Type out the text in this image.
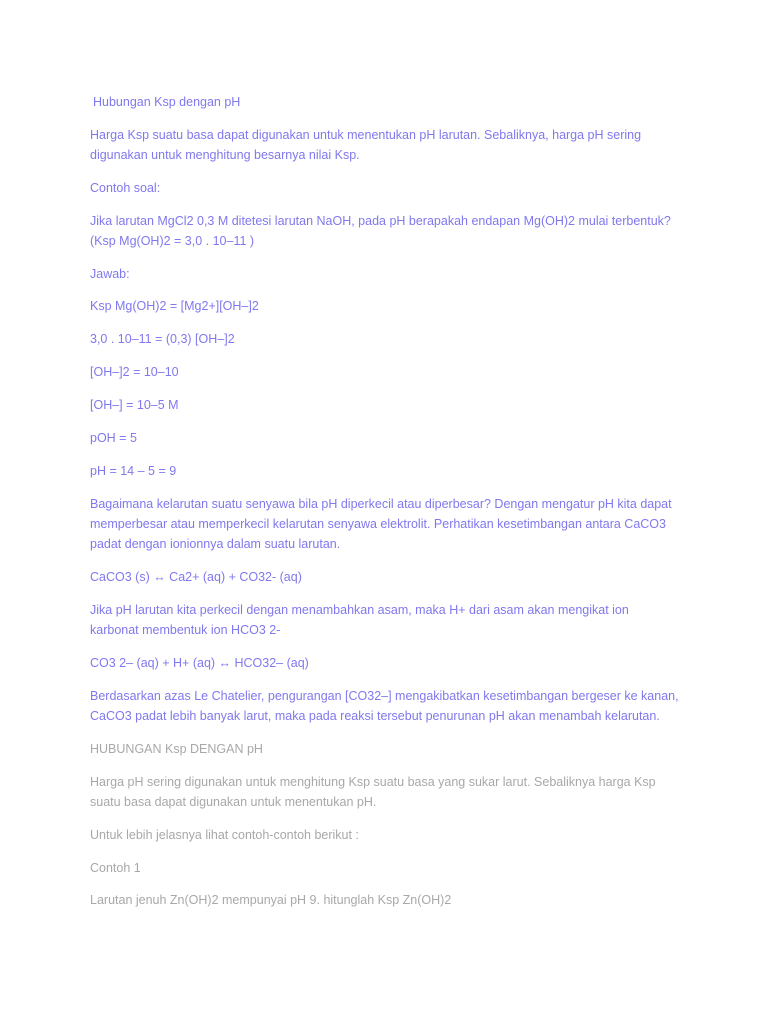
Hubungan Ksp dengan pH

Harga Ksp suatu basa dapat digunakan untuk menentukan pH larutan. Sebaliknya, harga pH sering

digunakan untuk menghitung besarnya nilai Ksp.

Contoh soal:

Jika larutan MgCl2 0,3 M ditetesi larutan NaOH, pada pH berapakah endapan Mg(OH)2 mulai terbentuk?

(Ksp Mg(OH)2 = 3,0 . 10–11 )

Jawab:

Ksp Mg(OH)2 = [Mg2+][OH–]2

3,0 . 10–11 = (0,3) [OH–]2

[OH–]2 = 10–10

[OH–] = 10–5 M

pOH = 5

pH = 14 – 5 = 9

Bagaimana kelarutan suatu senyawa bila pH diperkecil atau diperbesar? Dengan mengatur pH kita dapat

memperbesar atau memperkecil kelarutan senyawa elektrolit. Perhatikan kesetimbangan antara CaCO3

padat dengan ionionnya dalam suatu larutan.

CaCO3 (s) ↔ Ca2+ (aq) + CO32- (aq)

Jika pH larutan kita perkecil dengan menambahkan asam, maka H+ dari asam akan mengikat ion

karbonat membentuk ion HCO3 2-

CO3 2– (aq) + H+ (aq) ↔ HCO32– (aq)

Berdasarkan azas Le Chatelier, pengurangan [CO32–] mengakibatkan kesetimbangan bergeser ke kanan,

CaCO3 padat lebih banyak larut, maka pada reaksi tersebut penurunan pH akan menambah kelarutan.

HUBUNGAN Ksp DENGAN pH

Harga pH sering digunakan untuk menghitung Ksp suatu basa yang sukar larut. Sebaliknya harga Ksp

suatu basa dapat digunakan untuk menentukan pH.

Untuk lebih jelasnya lihat contoh-contoh berikut :

Contoh 1

Larutan jenuh Zn(OH)2 mempunyai pH 9. hitunglah Ksp Zn(OH)2
